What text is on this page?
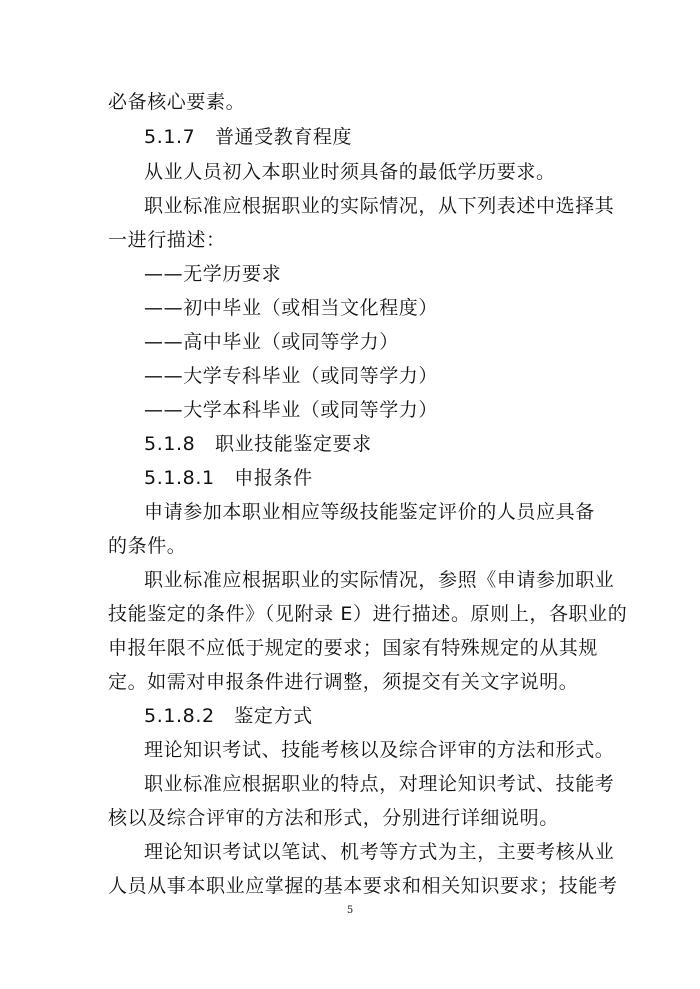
必备核心要素。
5.1.7　普通受教育程度
从业人员初入本职业时须具备的最低学历要求。
职业标准应根据职业的实际情况，从下列表述中选择其
一进行描述：
——无学历要求
——初中毕业（或相当文化程度）
——高中毕业（或同等学力）
——大学专科毕业（或同等学力）
——大学本科毕业（或同等学力）
5.1.8　职业技能鉴定要求
5.1.8.1　申报条件
申请参加本职业相应等级技能鉴定评价的人员应具备
的条件。
职业标准应根据职业的实际情况，参照《申请参加职业
技能鉴定的条件》（见附录 E）进行描述。原则上，各职业的
申报年限不应低于规定的要求；国家有特殊规定的从其规
定。如需对申报条件进行调整，须提交有关文字说明。
5.1.8.2　鉴定方式
理论知识考试、技能考核以及综合评审的方法和形式。
职业标准应根据职业的特点，对理论知识考试、技能考
核以及综合评审的方法和形式，分别进行详细说明。
理论知识考试以笔试、机考等方式为主，主要考核从业
人员从事本职业应掌握的基本要求和相关知识要求；技能考
5
